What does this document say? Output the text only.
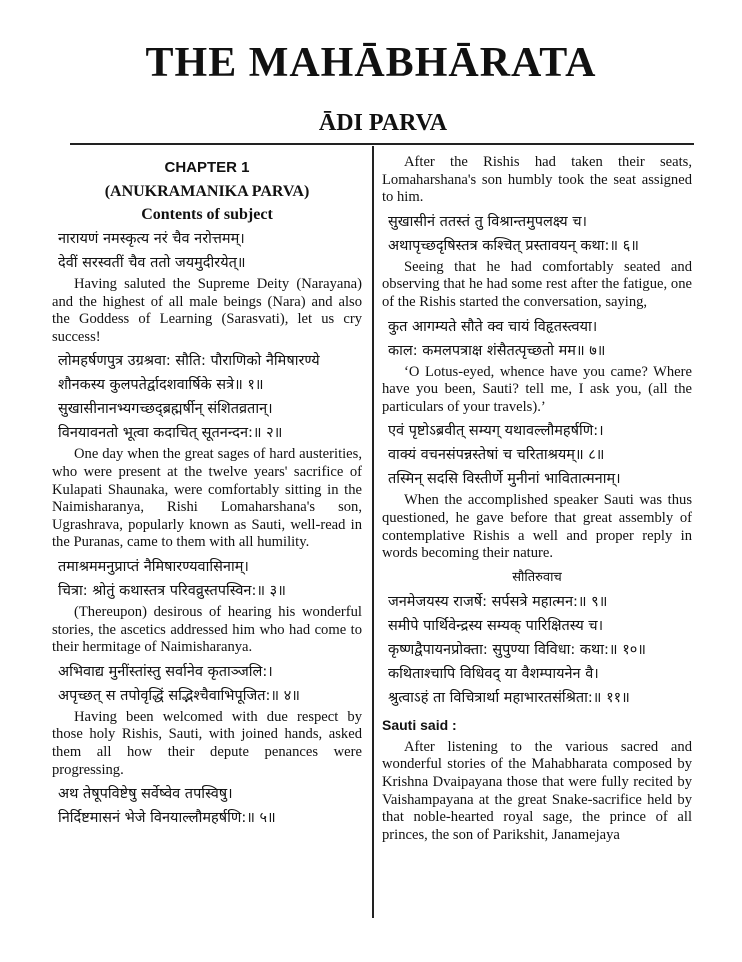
THE MAHĀBHĀRATA
ĀDI PARVA
CHAPTER 1
(ANUKRAMANIKA PARVA)
Contents of subject
नारायणं नमस्कृत्य नरं चैव नरोत्तमम्।
देवीं सरस्वतीं चैव ततो जयमुदीरयेत्॥
Having saluted the Supreme Deity (Narayana) and the highest of all male beings (Nara) and also the Goddess of Learning (Sarasvati), let us cry success!
लोमहर्षणपुत्र उग्रश्रवा: सौति: पौराणिको नैमिषारण्ये
शौनकस्य कुलपतेर्द्वादशवार्षिके सत्रे॥ १॥
सुखासीनानभ्यगच्छद्ब्रह्मर्षीन् संशितव्रतान्।
विनयावनतो भूत्वा कदाचित् सूतनन्दन:॥ २॥
One day when the great sages of hard austerities, who were present at the twelve years' sacrifice of Kulapati Shaunaka, were comfortably sitting in the Naimisharanya, Rishi Lomaharshana's son, Ugrashrava, popularly known as Sauti, well-read in the Puranas, came to them with all humility.
तमाश्रममनुप्राप्तं नैमिषारण्यवासिनाम्।
चित्रा: श्रोतुं कथास्तत्र परिवव्रुस्तपस्विन:॥ ३॥
(Thereupon) desirous of hearing his wonderful stories, the ascetics addressed him who had come to their hermitage of Naimisharanya.
अभिवाद्य मुनींस्तांस्तु सर्वानेव कृताञ्जलि:।
अपृच्छत् स तपोवृद्धिं सद्भिश्चैवाभिपूजित:॥ ४॥
Having been welcomed with due respect by those holy Rishis, Sauti, with joined hands, asked them all how their depute penances were progressing.
अथ तेषूपविष्टेषु सर्वेष्वेव तपस्विषु।
निर्दिष्टमासनं भेजे विनयाल्लौमहर्षणि:॥ ५॥
After the Rishis had taken their seats, Lomaharshana's son humbly took the seat assigned to him.
सुखासीनं ततस्तं तु विश्रान्तमुपलक्ष्य च।
अथापृच्छदृषिस्तत्र कश्चित् प्रस्तावयन् कथा:॥ ६॥
Seeing that he had comfortably seated and observing that he had some rest after the fatigue, one of the Rishis started the conversation, saying,
कुत आगम्यते सौते क्व चायं विहृतस्त्वया।
काल: कमलपत्राक्ष शंसैतत्पृच्छतो मम॥ ७॥
‘O Lotus-eyed, whence have you came? Where have you been, Sauti? tell me, I ask you, (all the particulars of your travels).’
एवं पृष्टोऽब्रवीत् सम्यग् यथावल्लौमहर्षणि:।
वाक्यं वचनसंपन्नस्तेषां च चरिताश्रयम्॥ ८॥
तस्मिन् सदसि विस्तीर्णे मुनीनां भावितात्मनाम्।
When the accomplished speaker Sauti was thus questioned, he gave before that great assembly of contemplative Rishis a well and proper reply in words becoming their nature.
सौतिरुवाच
जनमेजयस्य राजर्षे: सर्पसत्रे महात्मन:॥ ९॥
समीपे पार्थिवेन्द्रस्य सम्यक् पारिक्षितस्य च।
कृष्णद्वैपायनप्रोक्ता: सुपुण्या विविधा: कथा:॥ १०॥
कथिताश्चापि विधिवद् या वैशम्पायनेन वै।
श्रुत्वाऽहं ता विचित्रार्था महाभारतसंश्रिता:॥ ११॥
Sauti said :
After listening to the various sacred and wonderful stories of the Mahabharata composed by Krishna Dvaipayana those that were fully recited by Vaishampayana at the great Snake-sacrifice held by that noble-hearted royal sage, the prince of all princes, the son of Parikshit, Janamejaya
